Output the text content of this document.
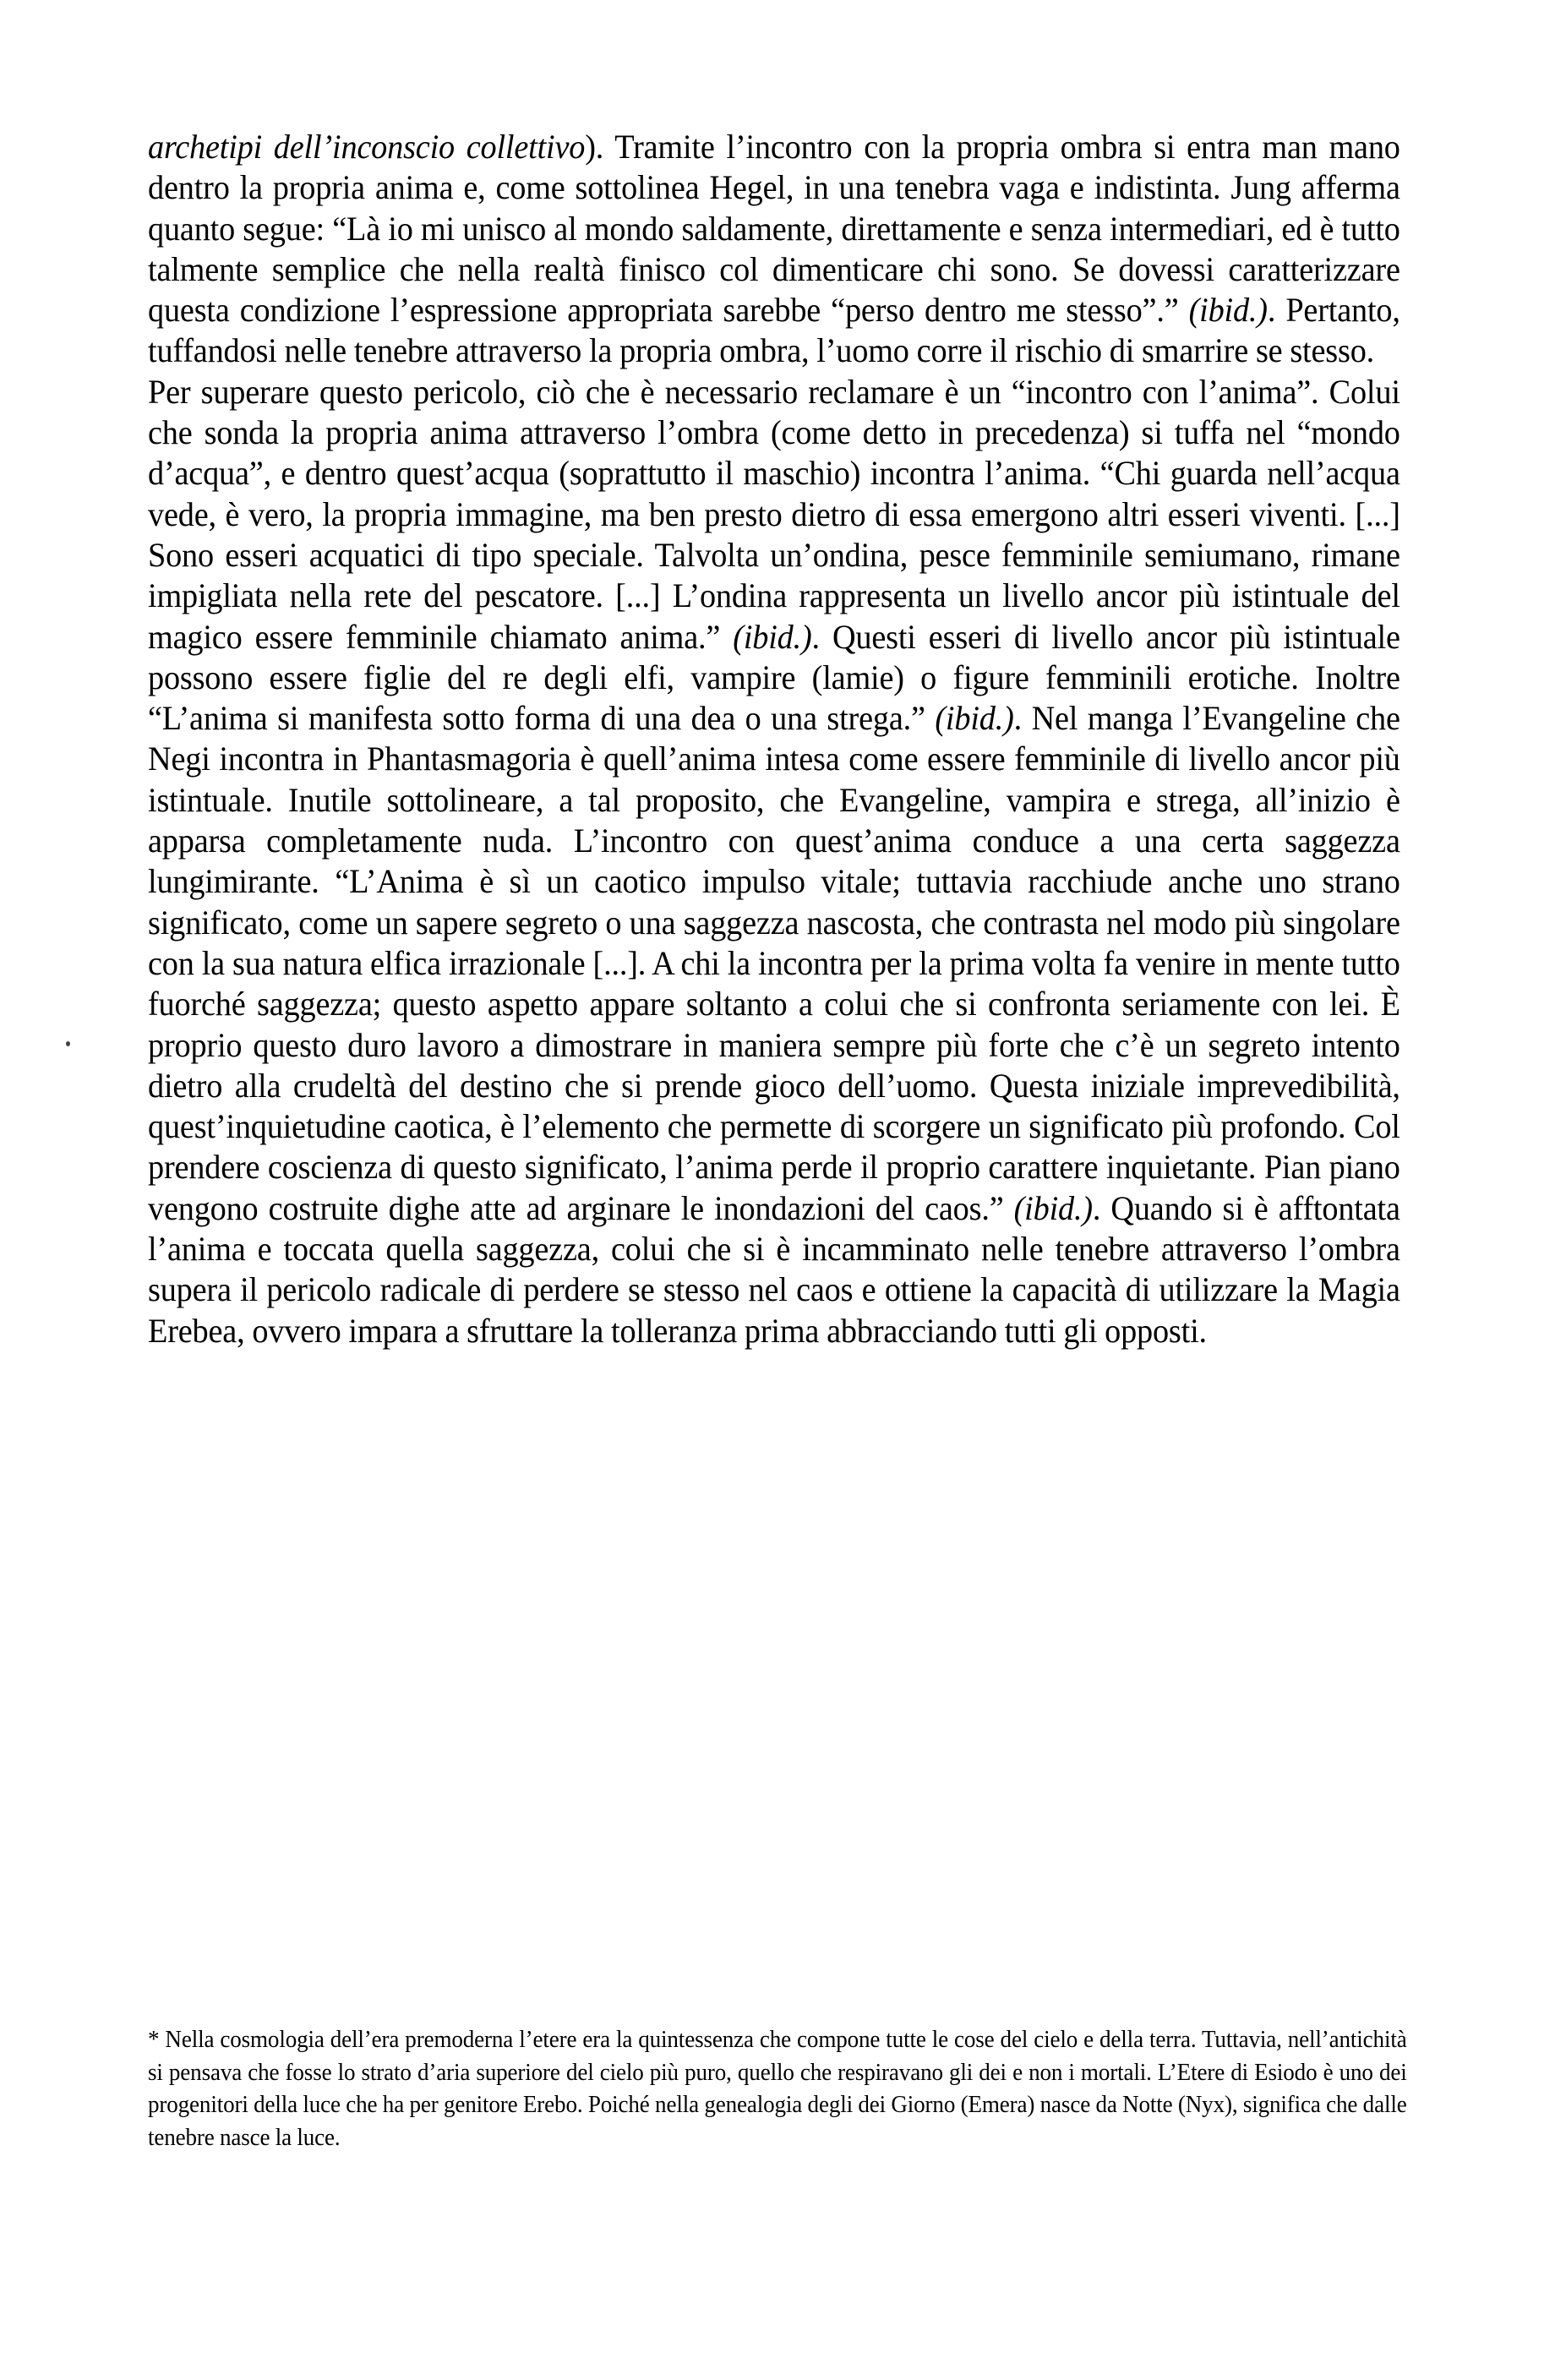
archetipi dell’inconscio collettivo). Tramite l’incontro con la propria ombra si entra man mano dentro la propria anima e, come sottolinea Hegel, in una tenebra vaga e indistinta. Jung afferma quanto segue: “Là io mi unisco al mondo saldamente, direttamente e senza intermediari, ed è tutto talmente semplice che nella realtà finisco col dimenticare chi sono. Se dovessi caratterizzare questa condizione l’espressione appropriata sarebbe “perso dentro me stesso”.” (ibid.). Pertanto, tuffandosi nelle tenebre attraverso la propria ombra, l’uomo corre il rischio di smarrire se stesso.

Per superare questo pericolo, ciò che è necessario reclamare è un “incontro con l’anima”. Colui che sonda la propria anima attraverso l’ombra (come detto in precedenza) si tuffa nel “mondo d’acqua”, e dentro quest’acqua (soprattutto il maschio) incontra l’anima. “Chi guarda nell’acqua vede, è vero, la propria immagine, ma ben presto dietro di essa emergono altri esseri viventi. [...] Sono esseri acquatici di tipo speciale. Talvolta un’ondina, pesce femminile semiumano, rimane impigliata nella rete del pescatore. [...] L’ondina rappresenta un livello ancor più istintuale del magico essere femminile chiamato anima.” (ibid.). Questi esseri di livello ancor più istintuale possono essere figlie del re degli elfi, vampire (lamie) o figure femminili erotiche. Inoltre “L’anima si manifesta sotto forma di una dea o una strega.” (ibid.). Nel manga l’Evangeline che Negi incontra in Phantasmagoria è quell’anima intesa come essere femminile di livello ancor più istintuale. Inutile sottolineare, a tal proposito, che Evangeline, vampira e strega, all’inizio è apparsa completamente nuda. L’incontro con quest’anima conduce a una certa saggezza lungimirante. “L’Anima è sì un caotico impulso vitale; tuttavia racchiude anche uno strano significato, come un sapere segreto o una saggezza nascosta, che contrasta nel modo più singolare con la sua natura elfica irrazionale [...]. A chi la incontra per la prima volta fa venire in mente tutto fuorché saggezza; questo aspetto appare soltanto a colui che si confronta seriamente con lei. È proprio questo duro lavoro a dimostrare in maniera sempre più forte che c’è un segreto intento dietro alla crudeltà del destino che si prende gioco dell’uomo. Questa iniziale imprevedibilità, quest’inquietudine caotica, è l’elemento che permette di scorgere un significato più profondo. Col prendere coscienza di questo significato, l’anima perde il proprio carattere inquietante. Pian piano vengono costruite dighe atte ad arginare le inondazioni del caos.” (ibid.). Quando si è afftontata l’anima e toccata quella saggezza, colui che si è incamminato nelle tenebre attraverso l’ombra supera il pericolo radicale di perdere se stesso nel caos e ottiene la capacità di utilizzare la Magia Erebea, ovvero impara a sfruttare la tolleranza prima abbracciando tutti gli opposti.

* Nella cosmologia dell’era premoderna l’etere era la quintessenza che compone tutte le cose del cielo e della terra. Tuttavia, nell’antichità si pensava che fosse lo strato d’aria superiore del cielo più puro, quello che respiravano gli dei e non i mortali. L’Etere di Esiodo è uno dei progenitori della luce che ha per genitore Erebo. Poiché nella genealogia degli dei Giorno (Emera) nasce da Notte (Nyx), significa che dalle tenebre nasce la luce.
